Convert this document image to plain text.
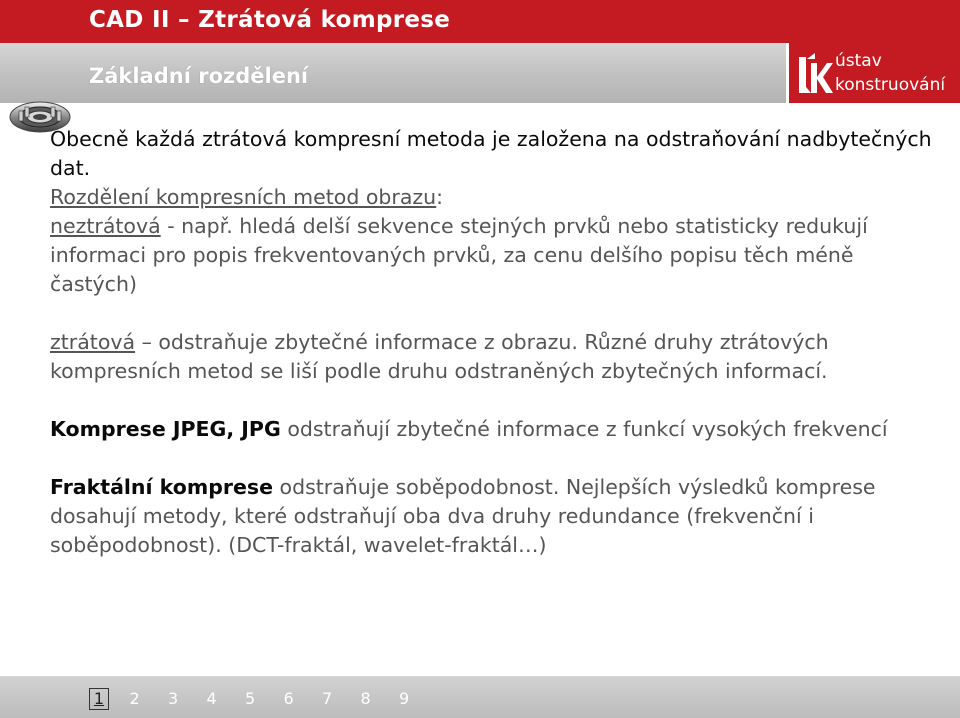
CAD II – Ztrátová komprese
Základní rozdělení
ústav
konstruování

Obecně každá ztrátová kompresní metoda je založena na odstraňování nadbytečných dat.

Rozdělení kompresních metod obrazu:

neztrátová - např. hledá delší sekvence stejných prvků nebo statisticky redukují informaci pro popis frekventovaných prvků, za cenu delšího popisu těch méně častých)

ztrátová – odstraňuje zbytečné informace z obrazu. Různé druhy ztrátových kompresních metod se liší podle druhu odstraněných zbytečných informací.

Komprese JPEG, JPG odstraňují zbytečné informace z funkcí vysokých frekvencí

Fraktální komprese odstraňuje soběpodobnost. Nejlepších výsledků komprese dosahují metody, které odstraňují oba dva druhy redundance (frekvenční i soběpodobnost). (DCT-fraktál, wavelet-fraktál…)

1	2	3	4	5	6	7	8	9
